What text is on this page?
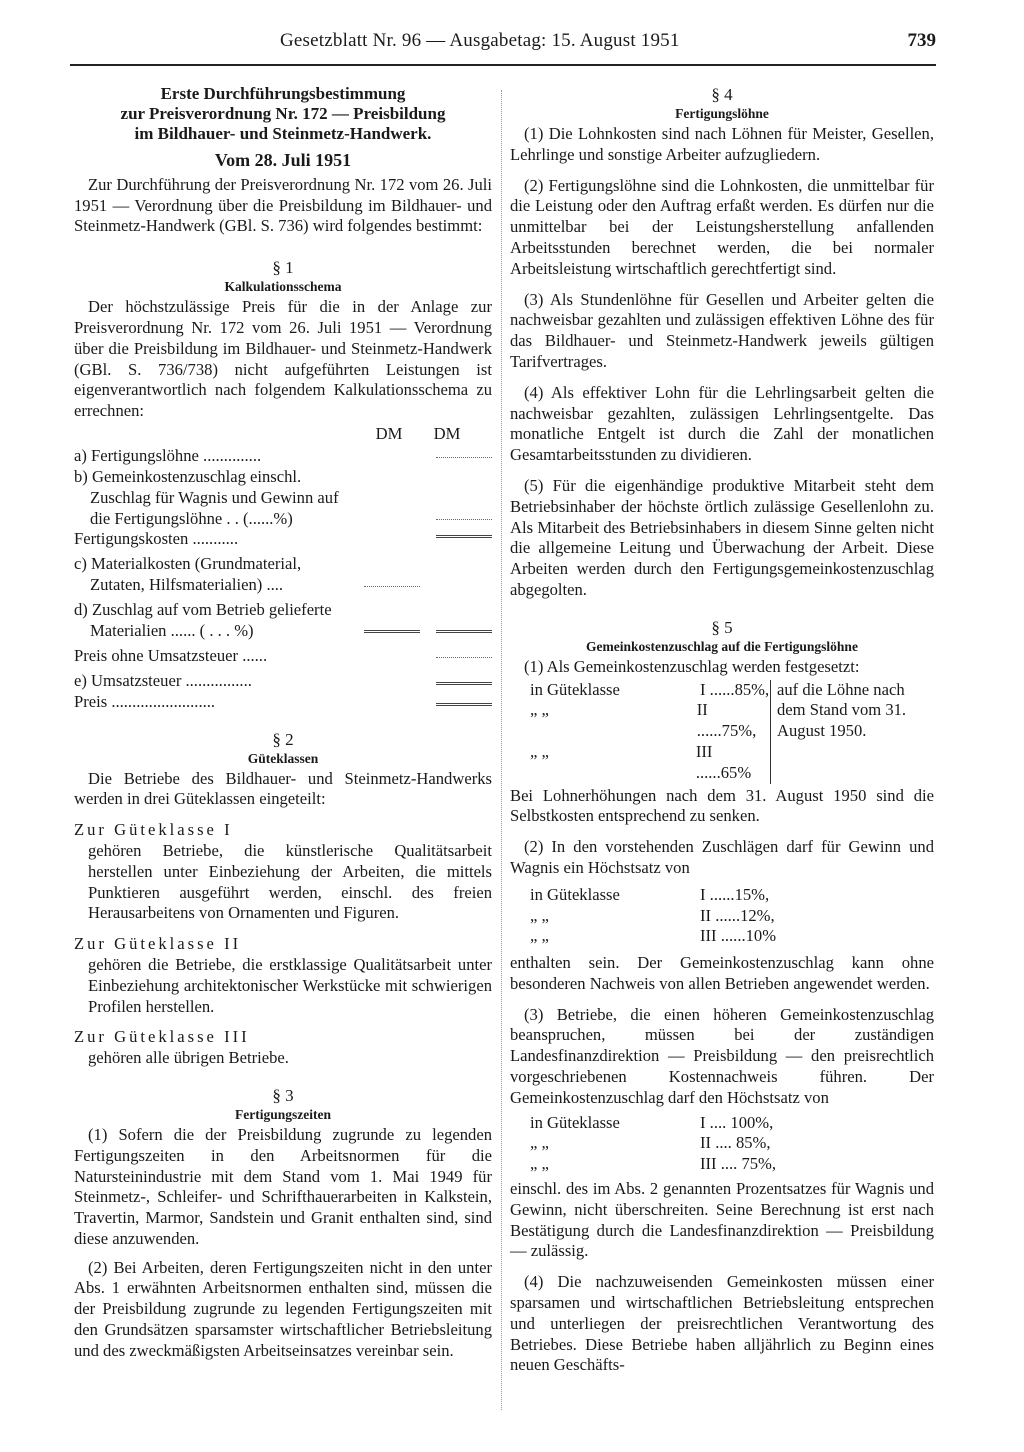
Gesetzblatt Nr. 96 — Ausgabetag: 15. August 1951	739
Erste Durchführungsbestimmung
zur Preisverordnung Nr. 172 — Preisbildung
im Bildhauer- und Steinmetz-Handwerk.
Vom 28. Juli 1951

Zur Durchführung der Preisverordnung Nr. 172 vom 26. Juli 1951 — Verordnung über die Preisbildung im Bildhauer- und Steinmetz-Handwerk (GBl. S. 736) wird folgendes bestimmt:

§ 1
Kalkulationsschema

Der höchstzulässige Preis für die in der Anlage zur Preisverordnung Nr. 172 vom 26. Juli 1951 — Verordnung über die Preisbildung im Bildhauer- und Steinmetz-Handwerk (GBl. S. 736/738) nicht aufgeführten Leistungen ist eigenverantwortlich nach folgendem Kalkulationsschema zu errechnen:

DM	DM
a) Fertigungslöhne ..............
b) Gemeinkostenzuschlag einschl. Zuschlag für Wagnis und Gewinn auf die Fertigungslöhne . . (......%)
Fertigungskosten ...........
c) Materialkosten (Grundmaterial, Zutaten, Hilfsmaterialien) ....
d) Zuschlag auf vom Betrieb gelieferte Materialien ...... ( . . . %)
Preis ohne Umsatzsteuer ......
e) Umsatzsteuer ................
Preis .........................
§ 2
Güteklassen

Die Betriebe des Bildhauer- und Steinmetz-Handwerks werden in drei Güteklassen eingeteilt:

Zur Güteklasse I

gehören Betriebe, die künstlerische Qualitätsarbeit herstellen unter Einbeziehung der Arbeiten, die mittels Punktieren ausgeführt werden, einschl. des freien Herausarbeitens von Ornamenten und Figuren.

Zur Güteklasse II

gehören die Betriebe, die erstklassige Qualitätsarbeit unter Einbeziehung architektonischer Werkstücke mit schwierigen Profilen herstellen.

Zur Güteklasse III

gehören alle übrigen Betriebe.

§ 3
Fertigungszeiten

(1) Sofern die der Preisbildung zugrunde zu legenden Fertigungszeiten in den Arbeitsnormen für die Natursteinindustrie mit dem Stand vom 1. Mai 1949 für Steinmetz-, Schleifer- und Schrifthauerarbeiten in Kalkstein, Travertin, Marmor, Sandstein und Granit enthalten sind, sind diese anzuwenden.

(2) Bei Arbeiten, deren Fertigungszeiten nicht in den unter Abs. 1 erwähnten Arbeitsnormen enthalten sind, müssen die der Preisbildung zugrunde zu legenden Fertigungszeiten mit den Grundsätzen sparsamster wirtschaftlicher Betriebsleitung und des zweckmäßigsten Arbeitseinsatzes vereinbar sein.

§ 4
Fertigungslöhne

(1) Die Lohnkosten sind nach Löhnen für Meister, Gesellen, Lehrlinge und sonstige Arbeiter aufzugliedern.

(2) Fertigungslöhne sind die Lohnkosten, die unmittelbar für die Leistung oder den Auftrag erfaßt werden. Es dürfen nur die unmittelbar bei der Leistungsherstellung anfallenden Arbeitsstunden berechnet werden, die bei normaler Arbeitsleistung wirtschaftlich gerechtfertigt sind.

(3) Als Stundenlöhne für Gesellen und Arbeiter gelten die nachweisbar gezahlten und zulässigen effektiven Löhne des für das Bildhauer- und Steinmetz-Handwerk jeweils gültigen Tarifvertrages.

(4) Als effektiver Lohn für die Lehrlingsarbeit gelten die nachweisbar gezahlten, zulässigen Lehrlingsentgelte. Das monatliche Entgelt ist durch die Zahl der monatlichen Gesamtarbeitsstunden zu dividieren.

(5) Für die eigenhändige produktive Mitarbeit steht dem Betriebsinhaber der höchste örtlich zulässige Gesellenlohn zu. Als Mitarbeit des Betriebsinhabers in diesem Sinne gelten nicht die allgemeine Leitung und Überwachung der Arbeit. Diese Arbeiten werden durch den Fertigungsgemeinkostenzuschlag abgegolten.

§ 5
Gemeinkostenzuschlag auf die Fertigungslöhne

(1) Als Gemeinkostenzuschlag werden festgesetzt:

in Güteklasse	I ......85%,
„ „	II ......75%,
„ „	III ......65%
auf die Löhne nach dem Stand vom 31. August 1950.

Bei Lohnerhöhungen nach dem 31. August 1950 sind die Selbstkosten entsprechend zu senken.

(2) In den vorstehenden Zuschlägen darf für Gewinn und Wagnis ein Höchstsatz von

in Güteklasse	I ......15%,
„ „	II ......12%,
„ „	III ......10%

enthalten sein. Der Gemeinkostenzuschlag kann ohne besonderen Nachweis von allen Betrieben angewendet werden.

(3) Betriebe, die einen höheren Gemeinkostenzuschlag beanspruchen, müssen bei der zuständigen Landesfinanzdirektion — Preisbildung — den preisrechtlich vorgeschriebenen Kostennachweis führen. Der Gemeinkostenzuschlag darf den Höchstsatz von

in Güteklasse	I .... 100%,
„ „	II .... 85%,
„ „	III .... 75%,

einschl. des im Abs. 2 genannten Prozentsatzes für Wagnis und Gewinn, nicht überschreiten. Seine Berechnung ist erst nach Bestätigung durch die Landesfinanzdirektion — Preisbildung — zulässig.

(4) Die nachzuweisenden Gemeinkosten müssen einer sparsamen und wirtschaftlichen Betriebsleitung entsprechen und unterliegen der preisrechtlichen Verantwortung des Betriebes. Diese Betriebe haben alljährlich zu Beginn eines neuen Geschäfts-
